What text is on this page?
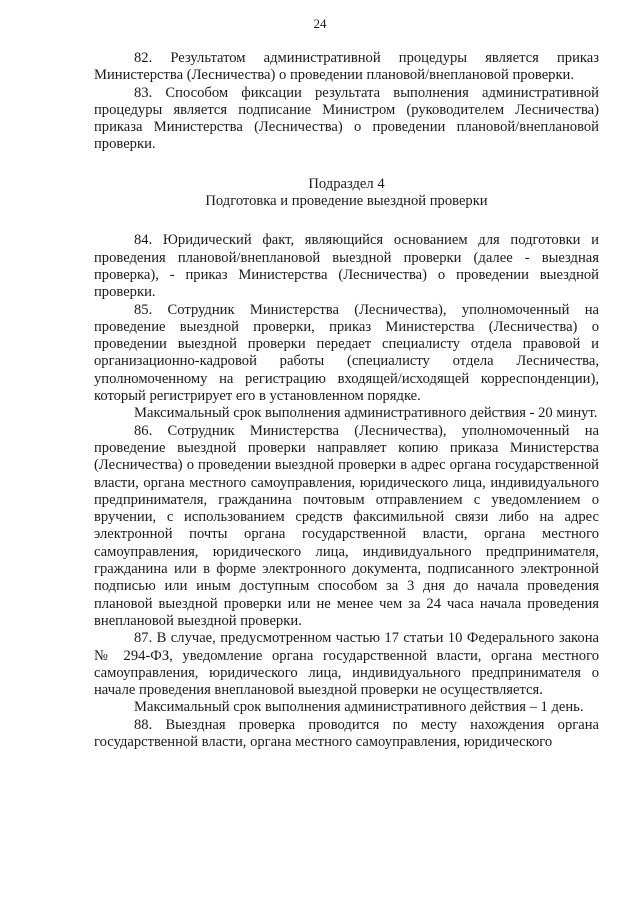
24

82. Результатом административной процедуры является приказ Министерства (Лесничества) о проведении плановой/внеплановой проверки.

83. Способом фиксации результата выполнения административной процедуры является подписание Министром (руководителем Лесничества) приказа Министерства (Лесничества) о проведении плановой/внеплановой проверки.

Подраздел 4

Подготовка и проведение выездной проверки

84. Юридический факт, являющийся основанием для подготовки и проведения плановой/внеплановой выездной проверки (далее - выездная проверка), - приказ Министерства (Лесничества) о проведении выездной проверки.

85. Сотрудник Министерства (Лесничества), уполномоченный на проведение выездной проверки, приказ Министерства (Лесничества) о проведении выездной проверки передает специалисту отдела правовой и организационно-кадровой работы (специалисту отдела Лесничества, уполномоченному на регистрацию входящей/исходящей корреспонденции), который регистрирует его в установленном порядке.

Максимальный срок выполнения административного действия - 20 минут.

86. Сотрудник Министерства (Лесничества), уполномоченный на проведение выездной проверки направляет копию приказа Министерства (Лесничества) о проведении выездной проверки в адрес органа государственной власти, органа местного самоуправления, юридического лица, индивидуального предпринимателя, гражданина почтовым отправлением с уведомлением о вручении, с использованием средств факсимильной связи либо на адрес электронной почты органа государственной власти, органа местного самоуправления, юридического лица, индивидуального предпринимателя, гражданина или в форме электронного документа, подписанного электронной подписью или иным доступным способом за 3 дня до начала проведения плановой выездной проверки или не менее чем за 24 часа начала проведения внеплановой выездной проверки.

87. В случае, предусмотренном частью 17 статьи 10 Федерального закона № 294-ФЗ, уведомление органа государственной власти, органа местного самоуправления, юридического лица, индивидуального предпринимателя о начале проведения внеплановой выездной проверки не осуществляется.

Максимальный срок выполнения административного действия – 1 день.

88. Выездная проверка проводится по месту нахождения органа государственной власти, органа местного самоуправления, юридического
